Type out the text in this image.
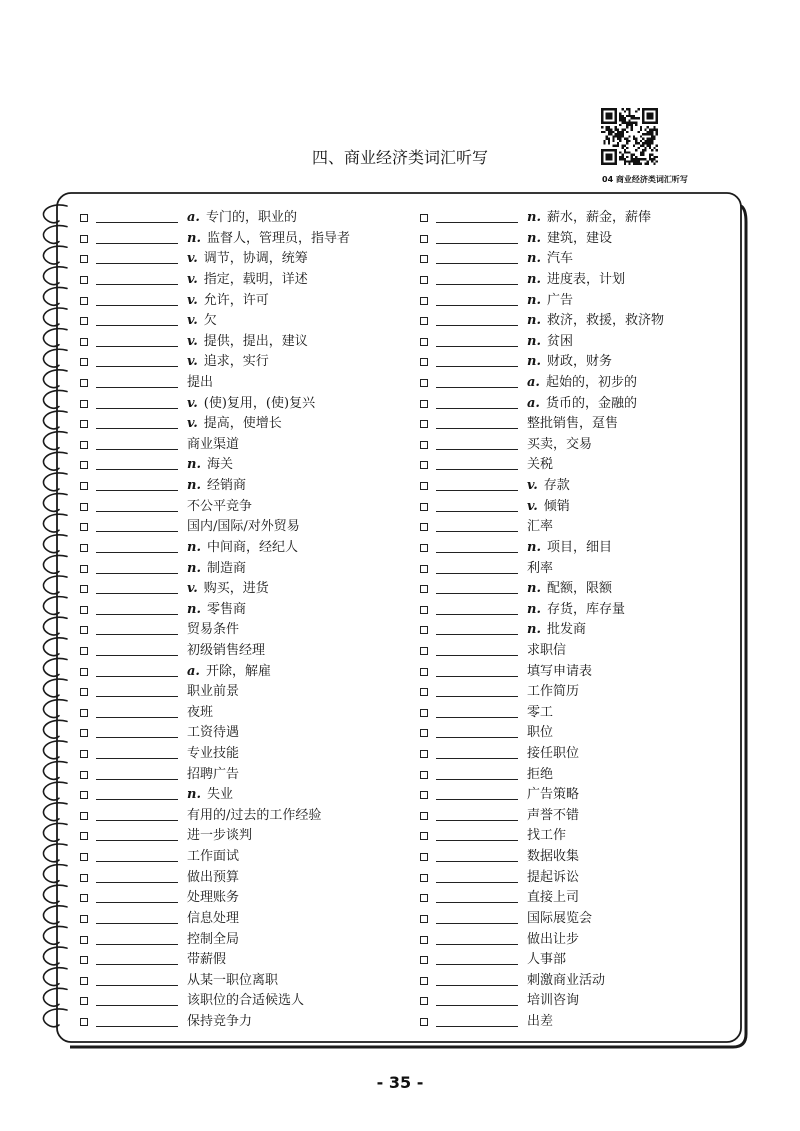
四、商业经济类词汇听写
04 商业经济类词汇听写
a. 专门的，职业的
n. 监督人，管理员，指导者
v. 调节，协调，统筹
v. 指定，载明，详述
v. 允许，许可
v. 欠
v. 提供，提出，建议
v. 追求，实行
提出
v. (使)复用，(使)复兴
v. 提高，使增长
商业渠道
n. 海关
n. 经销商
不公平竞争
国内/国际/对外贸易
n. 中间商，经纪人
n. 制造商
v. 购买，进货
n. 零售商
贸易条件
初级销售经理
a. 开除，解雇
职业前景
夜班
工资待遇
专业技能
招聘广告
n. 失业
有用的/过去的工作经验
进一步谈判
工作面试
做出预算
处理账务
信息处理
控制全局
带薪假
从某一职位离职
该职位的合适候选人
保持竞争力
n. 薪水，薪金，薪俸
n. 建筑，建设
n. 汽车
n. 进度表，计划
n. 广告
n. 救济，救援，救济物
n. 贫困
n. 财政，财务
a. 起始的，初步的
a. 货币的，金融的
整批销售，趸售
买卖，交易
关税
v. 存款
v. 倾销
汇率
n. 项目，细目
利率
n. 配额，限额
n. 存货，库存量
n. 批发商
求职信
填写申请表
工作简历
零工
职位
接任职位
拒绝
广告策略
声誉不错
找工作
数据收集
提起诉讼
直接上司
国际展览会
做出让步
人事部
刺激商业活动
培训咨询
出差
- 35 -
